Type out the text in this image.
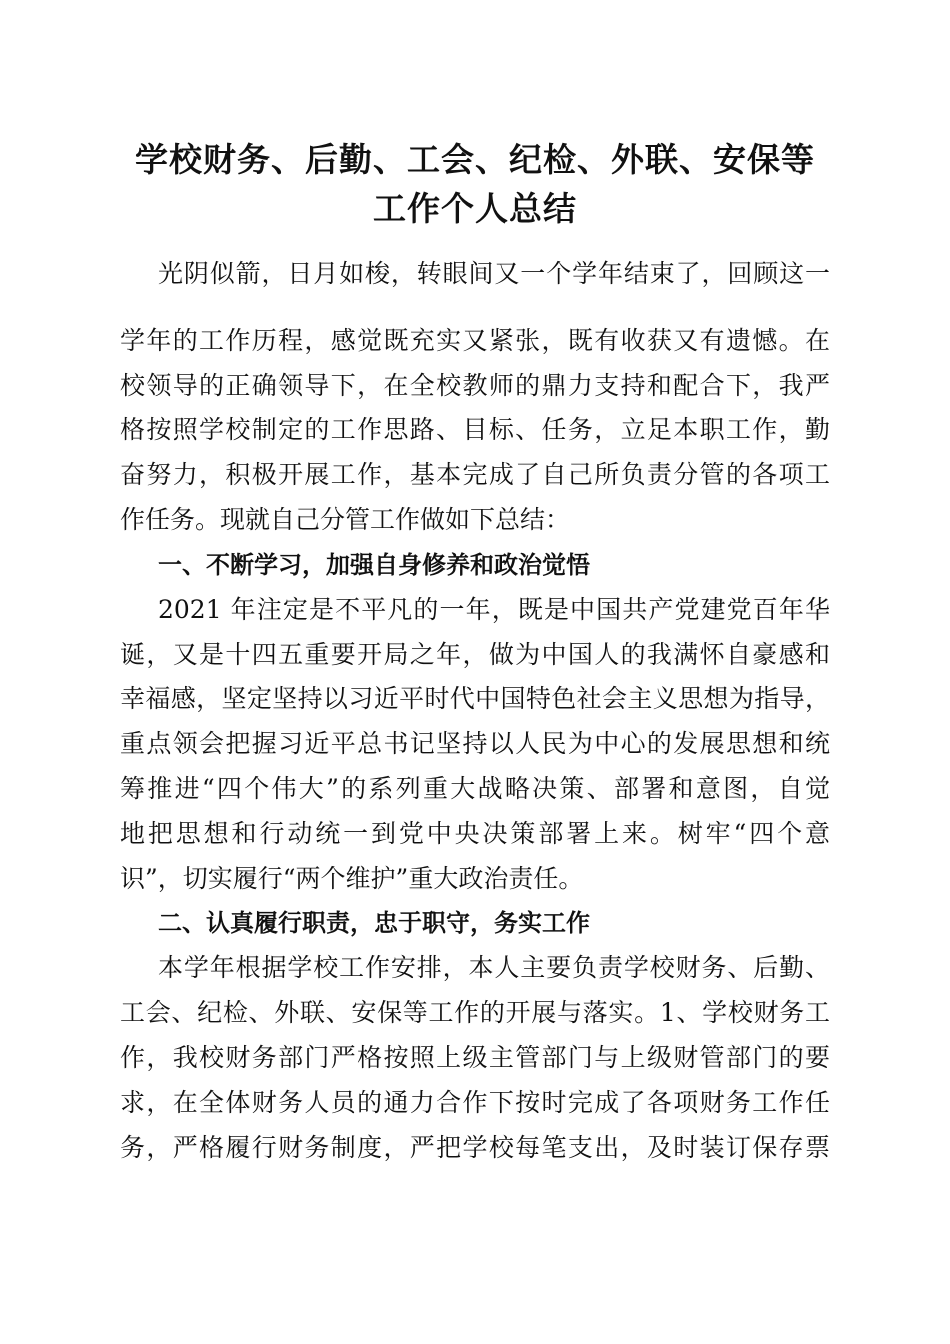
学校财务、后勤、工会、纪检、外联、安保等
工作个人总结
光阴似箭，日月如梭，转眼间又一个学年结束了，回顾这一
学年的工作历程，感觉既充实又紧张，既有收获又有遗憾。在
校领导的正确领导下，在全校教师的鼎力支持和配合下，我严
格按照学校制定的工作思路、目标、任务，立足本职工作，勤
奋努力，积极开展工作，基本完成了自己所负责分管的各项工
作任务。现就自己分管工作做如下总结：
一、不断学习，加强自身修养和政治觉悟
2021 年注定是不平凡的一年，既是中国共产党建党百年华
诞，又是十四五重要开局之年，做为中国人的我满怀自豪感和
幸福感，坚定坚持以习近平时代中国特色社会主义思想为指导，
重点领会把握习近平总书记坚持以人民为中心的发展思想和统
筹推进“四个伟大”的系列重大战略决策、部署和意图，自觉
地把思想和行动统一到党中央决策部署上来。树牢“四个意
识”，切实履行“两个维护”重大政治责任。
二、认真履行职责，忠于职守，务实工作
本学年根据学校工作安排，本人主要负责学校财务、后勤、
工会、纪检、外联、安保等工作的开展与落实。1、学校财务工
作，我校财务部门严格按照上级主管部门与上级财管部门的要
求，在全体财务人员的通力合作下按时完成了各项财务工作任
务，严格履行财务制度，严把学校每笔支出，及时装订保存票
